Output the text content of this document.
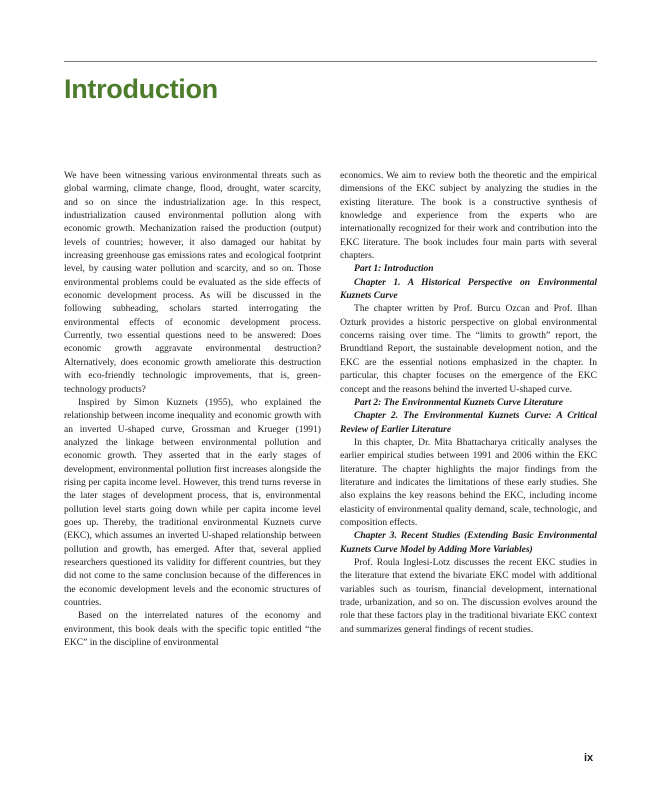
Introduction

We have been witnessing various environmental threats such as global warming, climate change, flood, drought, water scarcity, and so on since the industrialization age. In this respect, industrialization caused environmental pollution along with economic growth. Mechanization raised the production (output) levels of countries; however, it also damaged our habitat by increasing greenhouse gas emissions rates and ecological footprint level, by causing water pollution and scarcity, and so on. Those environmental problems could be evaluated as the side effects of economic development process. As will be discussed in the following subheading, scholars started interrogating the environmental effects of economic development process. Currently, two essential questions need to be answered: Does economic growth aggravate environmental destruction? Alternatively, does economic growth ameliorate this destruction with eco-friendly technologic improvements, that is, green-technology products?

Inspired by Simon Kuznets (1955), who explained the relationship between income inequality and economic growth with an inverted U-shaped curve, Grossman and Krueger (1991) analyzed the linkage between environmental pollution and economic growth. They asserted that in the early stages of development, environmental pollution first increases alongside the rising per capita income level. However, this trend turns reverse in the later stages of development process, that is, environmental pollution level starts going down while per capita income level goes up. Thereby, the traditional environmental Kuznets curve (EKC), which assumes an inverted U-shaped relationship between pollution and growth, has emerged. After that, several applied researchers questioned its validity for different countries, but they did not come to the same conclusion because of the differences in the economic development levels and the economic structures of countries.

Based on the interrelated natures of the economy and environment, this book deals with the specific topic entitled “the EKC” in the discipline of environmental

economics. We aim to review both the theoretic and the empirical dimensions of the EKC subject by analyzing the studies in the existing literature. The book is a constructive synthesis of knowledge and experience from the experts who are internationally recognized for their work and contribution into the EKC literature. The book includes four main parts with several chapters.

Part 1: Introduction

Chapter 1. A Historical Perspective on Environmental Kuznets Curve

The chapter written by Prof. Burcu Ozcan and Prof. Ilhan Ozturk provides a historic perspective on global environmental concerns raising over time. The “limits to growth” report, the Brundtland Report, the sustainable development notion, and the EKC are the essential notions emphasized in the chapter. In particular, this chapter focuses on the emergence of the EKC concept and the reasons behind the inverted U-shaped curve.

Part 2: The Environmental Kuznets Curve Literature

Chapter 2. The Environmental Kuznets Curve: A Critical Review of Earlier Literature

In this chapter, Dr. Mita Bhattacharya critically analyses the earlier empirical studies between 1991 and 2006 within the EKC literature. The chapter highlights the major findings from the literature and indicates the limitations of these early studies. She also explains the key reasons behind the EKC, including income elasticity of environmental quality demand, scale, technologic, and composition effects.

Chapter 3. Recent Studies (Extending Basic Environmental Kuznets Curve Model by Adding More Variables)

Prof. Roula Inglesi-Lotz discusses the recent EKC studies in the literature that extend the bivariate EKC model with additional variables such as tourism, financial development, international trade, urbanization, and so on. The discussion evolves around the role that these factors play in the traditional bivariate EKC context and summarizes general findings of recent studies.

ix
